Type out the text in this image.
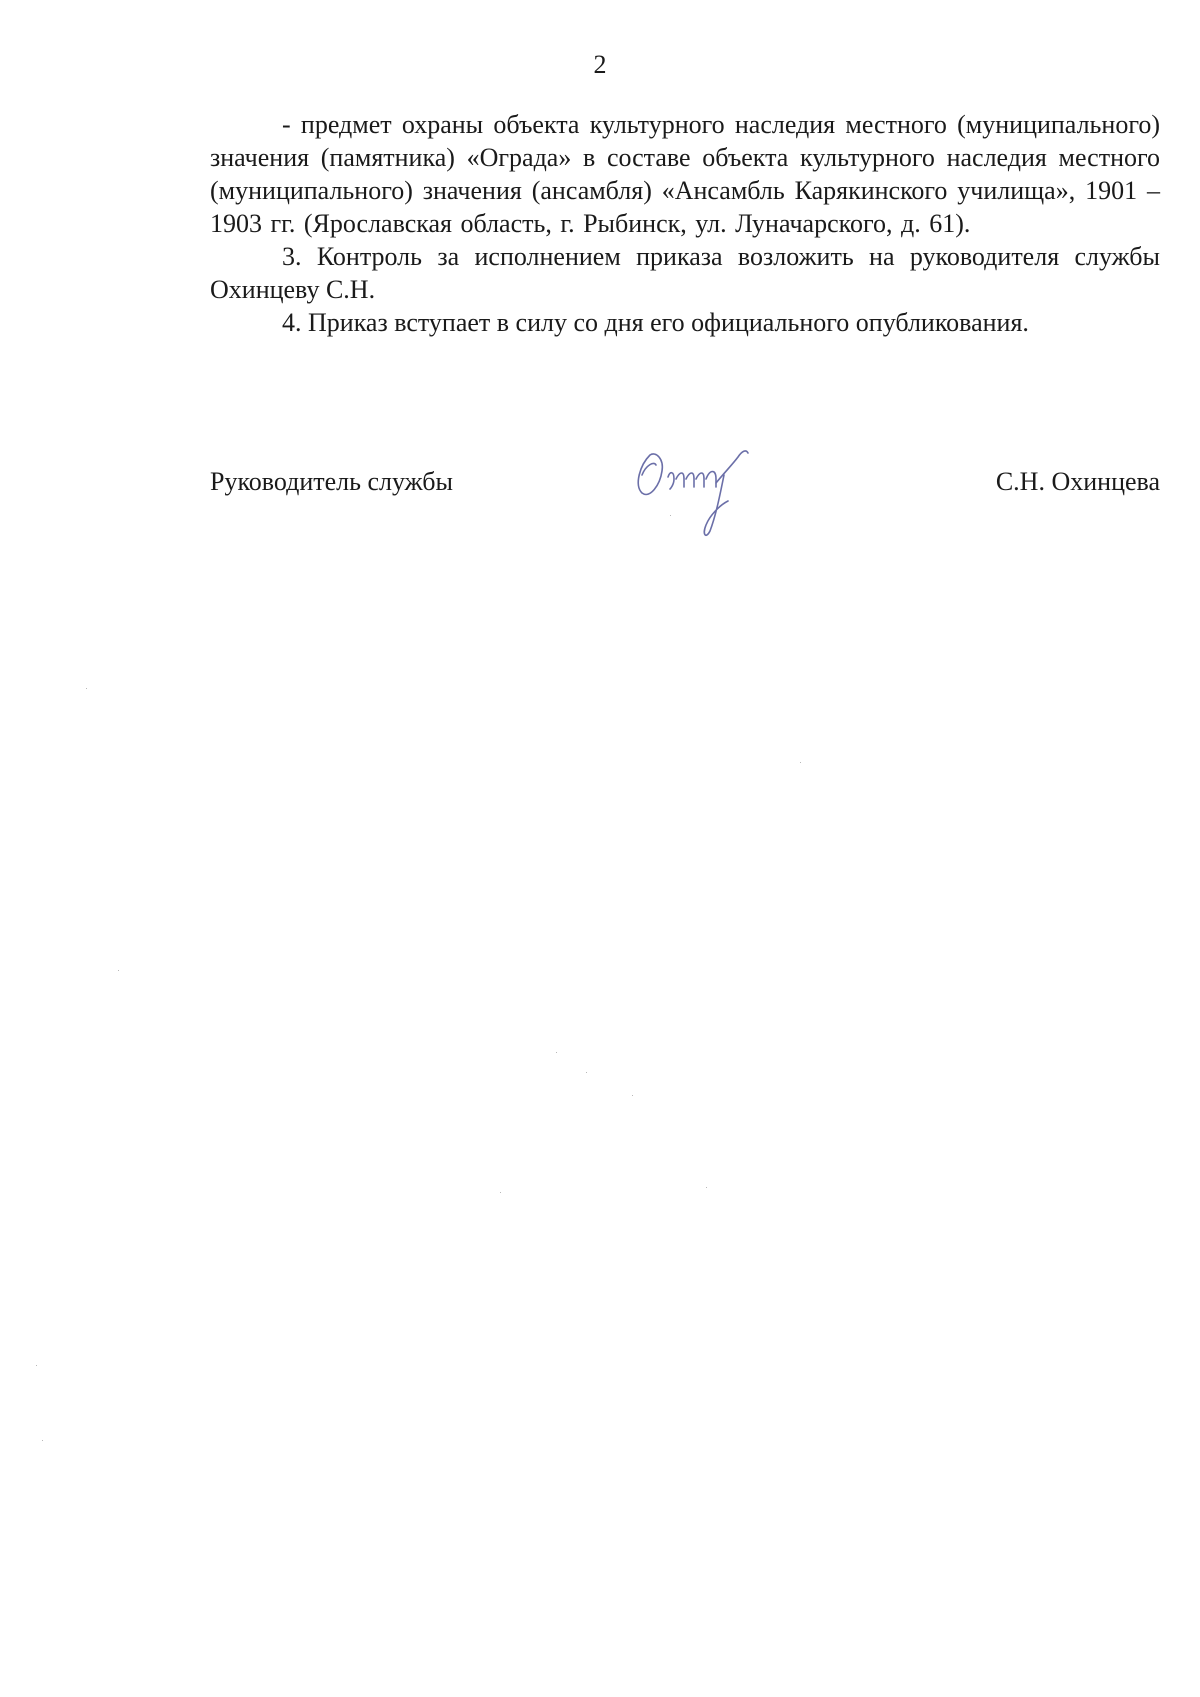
2

- предмет охраны объекта культурного наследия местного (муниципального) значения (памятника) «Ограда» в составе объекта культурного наследия местного (муниципального) значения (ансамбля) «Ансамбль Карякинского училища», 1901 – 1903 гг. (Ярославская область, г. Рыбинск, ул. Луначарского, д. 61).

3. Контроль за исполнением приказа возложить на руководителя службы Охинцеву С.Н.

4. Приказ вступает в силу со дня его официального опубликования.

Руководитель службы	С.Н. Охинцева
